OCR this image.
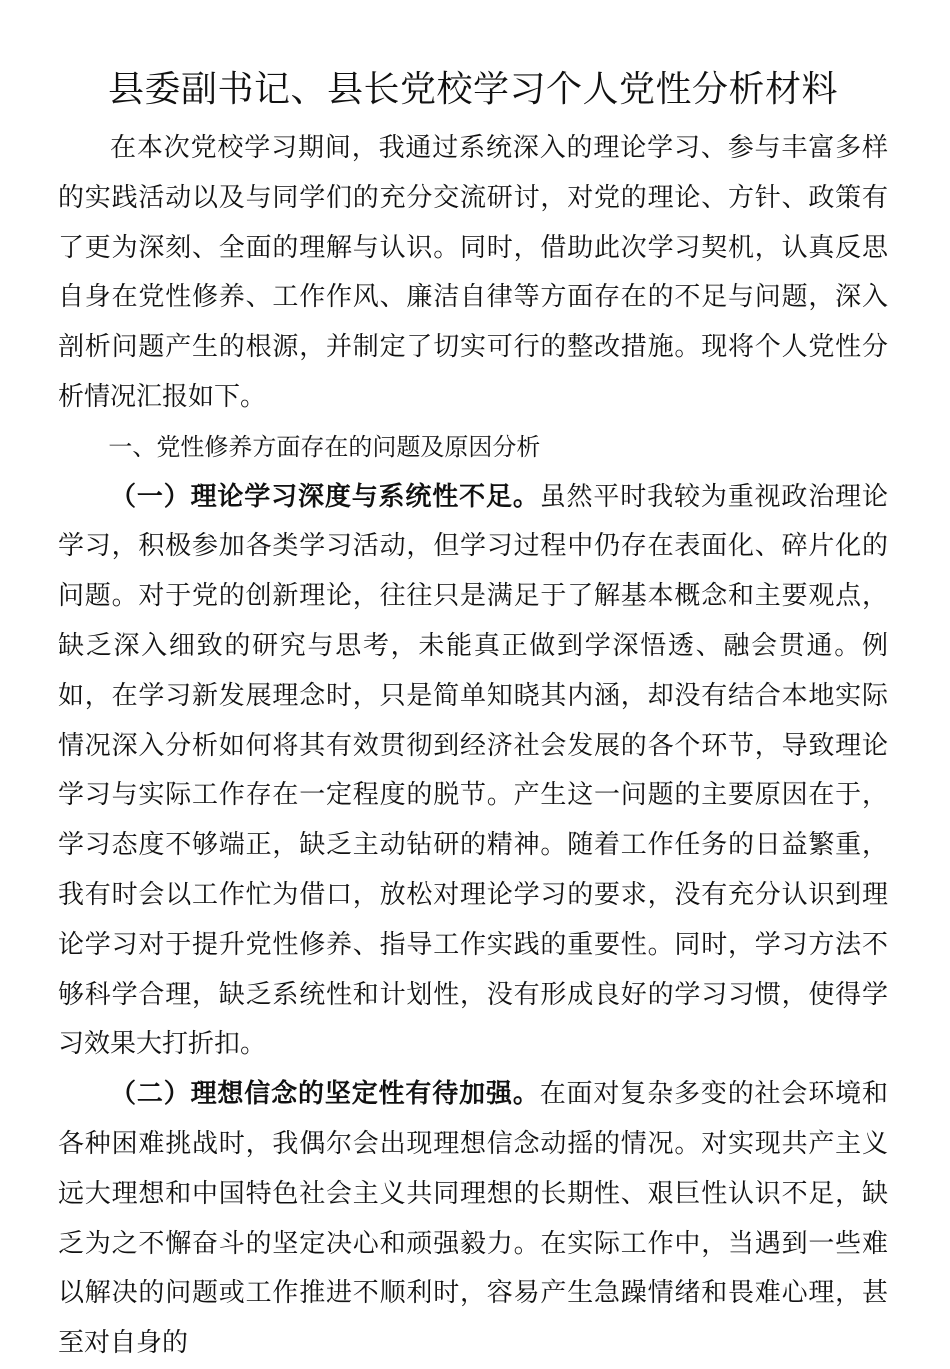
县委副书记、县长党校学习个人党性分析材料

在本次党校学习期间，我通过系统深入的理论学习、参与丰富多样的实践活动以及与同学们的充分交流研讨，对党的理论、方针、政策有了更为深刻、全面的理解与认识。同时，借助此次学习契机，认真反思自身在党性修养、工作作风、廉洁自律等方面存在的不足与问题，深入剖析问题产生的根源，并制定了切实可行的整改措施。现将个人党性分析情况汇报如下。

一、党性修养方面存在的问题及原因分析

（一）理论学习深度与系统性不足。虽然平时我较为重视政治理论学习，积极参加各类学习活动，但学习过程中仍存在表面化、碎片化的问题。对于党的创新理论，往往只是满足于了解基本概念和主要观点，缺乏深入细致的研究与思考，未能真正做到学深悟透、融会贯通。例如，在学习新发展理念时，只是简单知晓其内涵，却没有结合本地实际情况深入分析如何将其有效贯彻到经济社会发展的各个环节，导致理论学习与实际工作存在一定程度的脱节。产生这一问题的主要原因在于，学习态度不够端正，缺乏主动钻研的精神。随着工作任务的日益繁重，我有时会以工作忙为借口，放松对理论学习的要求，没有充分认识到理论学习对于提升党性修养、指导工作实践的重要性。同时，学习方法不够科学合理，缺乏系统性和计划性，没有形成良好的学习习惯，使得学习效果大打折扣。

（二）理想信念的坚定性有待加强。在面对复杂多变的社会环境和各种困难挑战时，我偶尔会出现理想信念动摇的情况。对实现共产主义远大理想和中国特色社会主义共同理想的长期性、艰巨性认识不足，缺乏为之不懈奋斗的坚定决心和顽强毅力。在实际工作中，当遇到一些难以解决的问题或工作推进不顺利时，容易产生急躁情绪和畏难心理，甚至对自身的
